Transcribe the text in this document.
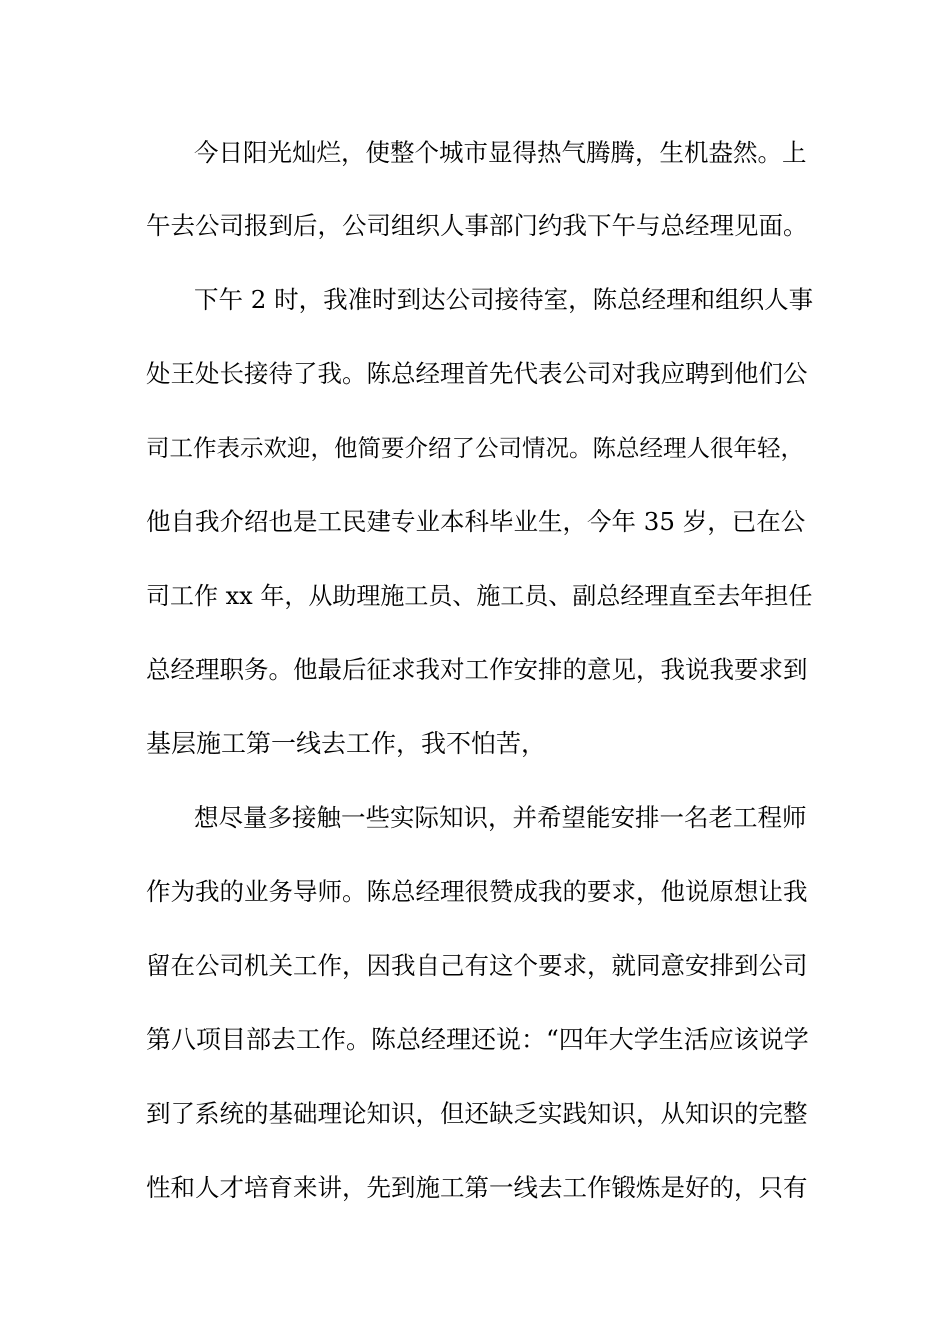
今日阳光灿烂，使整个城市显得热气腾腾，生机盎然。上
午去公司报到后，公司组织人事部门约我下午与总经理见面。
下午 2 时，我准时到达公司接待室，陈总经理和组织人事
处王处长接待了我。陈总经理首先代表公司对我应聘到他们公
司工作表示欢迎，他简要介绍了公司情况。陈总经理人很年轻，
他自我介绍也是工民建专业本科毕业生，今年 35 岁，已在公
司工作 xx 年，从助理施工员、施工员、副总经理直至去年担任
总经理职务。他最后征求我对工作安排的意见，我说我要求到
基层施工第一线去工作，我不怕苦，
想尽量多接触一些实际知识，并希望能安排一名老工程师
作为我的业务导师。陈总经理很赞成我的要求，他说原想让我
留在公司机关工作，因我自己有这个要求，就同意安排到公司
第八项目部去工作。陈总经理还说：“四年大学生活应该说学
到了系统的基础理论知识，但还缺乏实践知识，从知识的完整
性和人才培育来讲，先到施工第一线去工作锻炼是好的，只有
